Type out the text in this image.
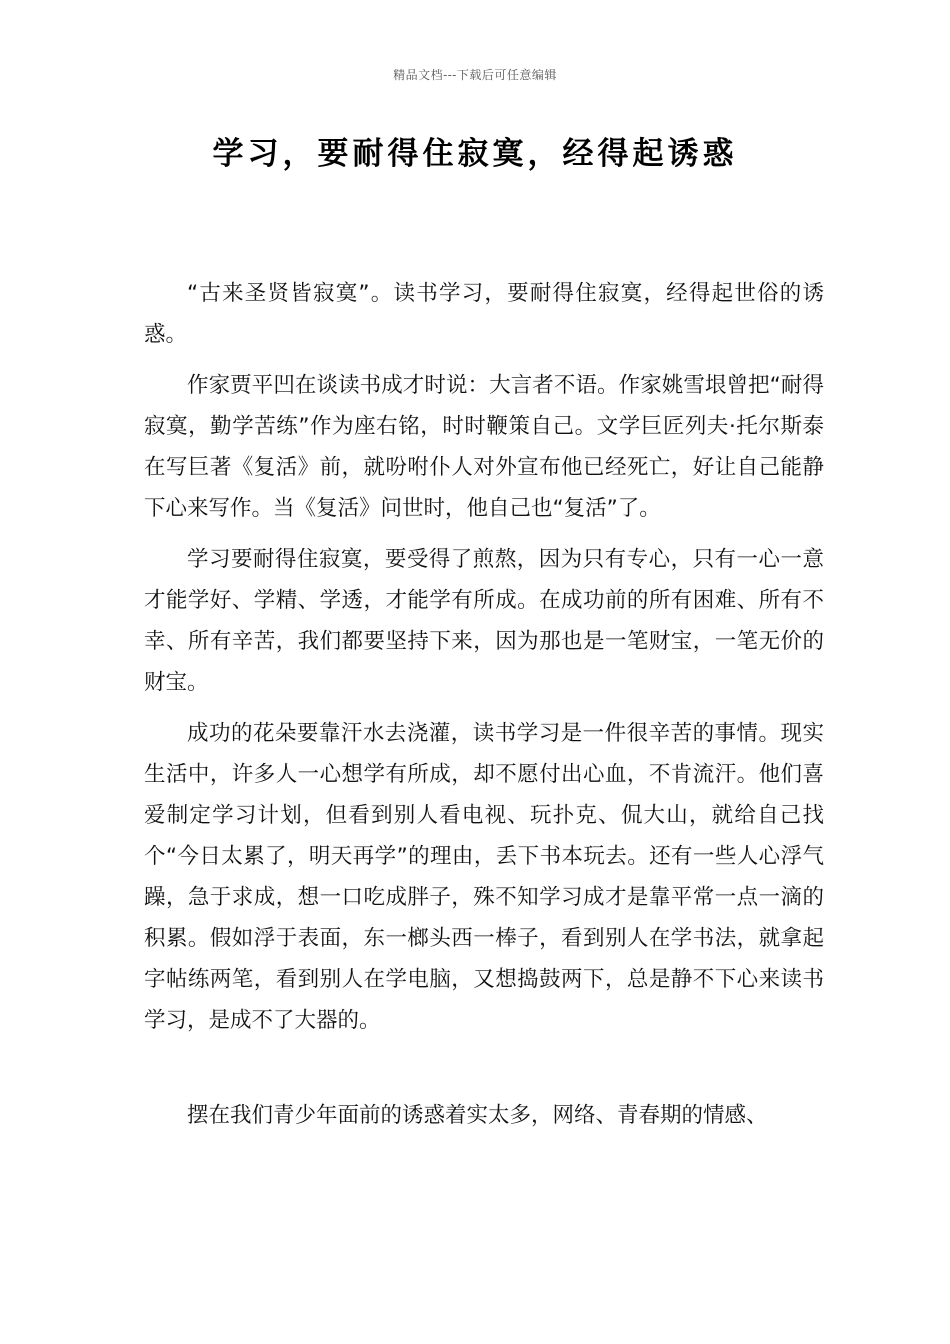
精品文档---下载后可任意编辑
学习，要耐得住寂寞，经得起诱惑

“古来圣贤皆寂寞”。读书学习，要耐得住寂寞，经得起世俗的诱惑。

作家贾平凹在谈读书成才时说：大言者不语。作家姚雪垠曾把“耐得寂寞，勤学苦练”作为座右铭，时时鞭策自己。文学巨匠列夫·托尔斯泰在写巨著《复活》前，就吩咐仆人对外宣布他已经死亡，好让自己能静下心来写作。当《复活》问世时，他自己也“复活”了。

学习要耐得住寂寞，要受得了煎熬，因为只有专心，只有一心一意才能学好、学精、学透，才能学有所成。在成功前的所有困难、所有不幸、所有辛苦，我们都要坚持下来，因为那也是一笔财宝，一笔无价的财宝。

成功的花朵要靠汗水去浇灌，读书学习是一件很辛苦的事情。现实生活中，许多人一心想学有所成，却不愿付出心血，不肯流汗。他们喜爱制定学习计划，但看到别人看电视、玩扑克、侃大山，就给自己找个“今日太累了，明天再学”的理由，丢下书本玩去。还有一些人心浮气躁，急于求成，想一口吃成胖子，殊不知学习成才是靠平常一点一滴的积累。假如浮于表面，东一榔头西一棒子，看到别人在学书法，就拿起字帖练两笔，看到别人在学电脑，又想捣鼓两下，总是静不下心来读书学习，是成不了大器的。

摆在我们青少年面前的诱惑着实太多，网络、青春期的情感、
